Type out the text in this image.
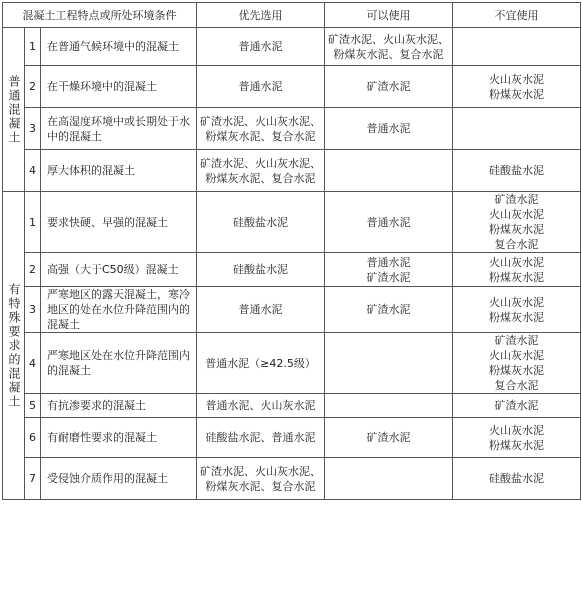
混凝土工程特点或所处环境条件			优先选用	可以使用	不宜使用
普通混凝土	1	在普通气候环境中的混凝土	普通水泥	矿渣水泥、火山灰水泥、
粉煤灰水泥、复合水泥	

	2	在干燥环境中的混凝土	普通水泥	矿渣水泥	火山灰水泥
粉煤灰水泥

	3	在高湿度环境中或长期处于水中的混凝土	矿渣水泥、火山灰水泥、
粉煤灰水泥、复合水泥	普通水泥	

	4	厚大体积的混凝土	矿渣水泥、火山灰水泥、
粉煤灰水泥、复合水泥		硅酸盐水泥

有特殊要求的混凝土	1	要求快硬、早强的混凝土	硅酸盐水泥	普通水泥	矿渣水泥
火山灰水泥
粉煤灰水泥
复合水泥

	2	高强（大于C50级）混凝土	硅酸盐水泥	普通水泥
矿渣水泥	火山灰水泥
粉煤灰水泥

	3	严寒地区的露天混凝土，寒冷地区的处在水位升降范围内的混凝土	普通水泥	矿渣水泥	火山灰水泥
粉煤灰水泥

	4	严寒地区处在水位升降范围内的混凝土	普通水泥（≥42.5级）		矿渣水泥
火山灰水泥
粉煤灰水泥
复合水泥

	5	有抗渗要求的混凝土	普通水泥、火山灰水泥		矿渣水泥

	6	有耐磨性要求的混凝土	硅酸盐水泥、普通水泥	矿渣水泥	火山灰水泥
粉煤灰水泥

	7	受侵蚀介质作用的混凝土	矿渣水泥、火山灰水泥、
粉煤灰水泥、复合水泥		硅酸盐水泥
